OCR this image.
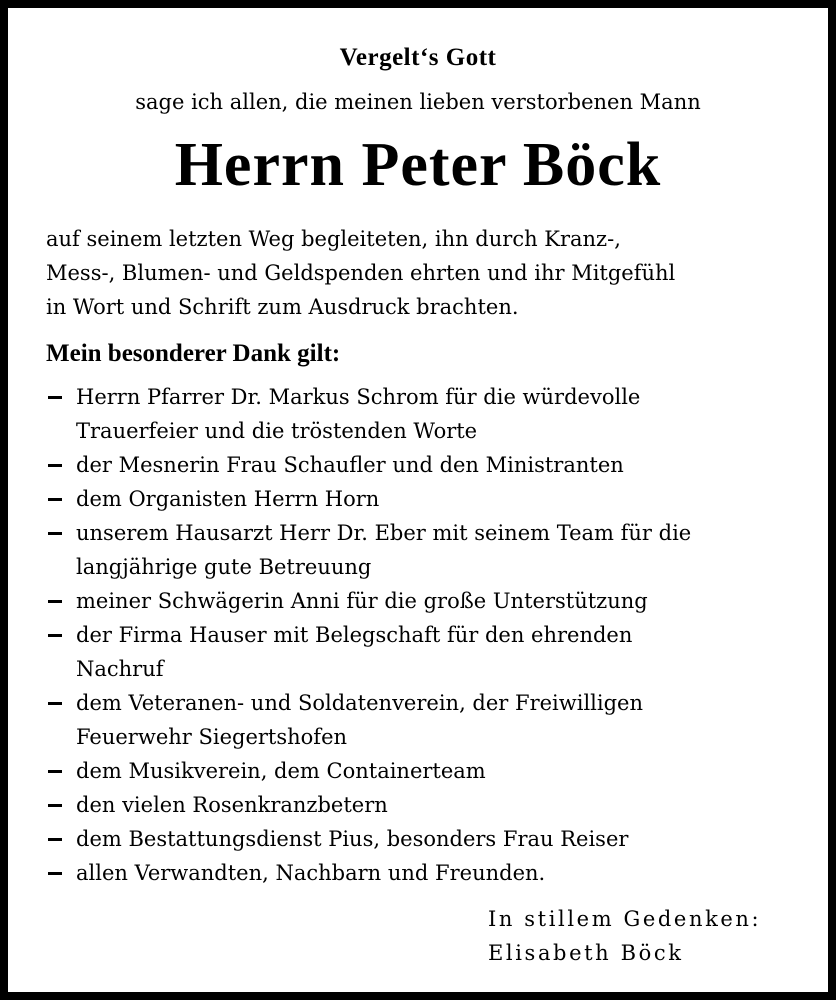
Vergelt‘s Gott
sage ich allen, die meinen lieben verstorbenen Mann
Herrn Peter Böck
auf seinem letzten Weg begleiteten, ihn durch Kranz-,
Mess-, Blumen- und Geldspenden ehrten und ihr Mitgefühl
in Wort und Schrift zum Ausdruck brachten.
Mein besonderer Dank gilt:
Herrn Pfarrer Dr. Markus Schrom für die würdevolle
Trauerfeier und die tröstenden Worte
der Mesnerin Frau Schaufler und den Ministranten
dem Organisten Herrn Horn
unserem Hausarzt Herr Dr. Eber mit seinem Team für die
langjährige gute Betreuung
meiner Schwägerin Anni für die große Unterstützung
der Firma Hauser mit Belegschaft für den ehrenden
Nachruf
dem Veteranen- und Soldatenverein, der Freiwilligen
Feuerwehr Siegertshofen
dem Musikverein, dem Containerteam
den vielen Rosenkranzbetern
dem Bestattungsdienst Pius, besonders Frau Reiser
allen Verwandten, Nachbarn und Freunden.
In stillem Gedenken:
Elisabeth Böck
